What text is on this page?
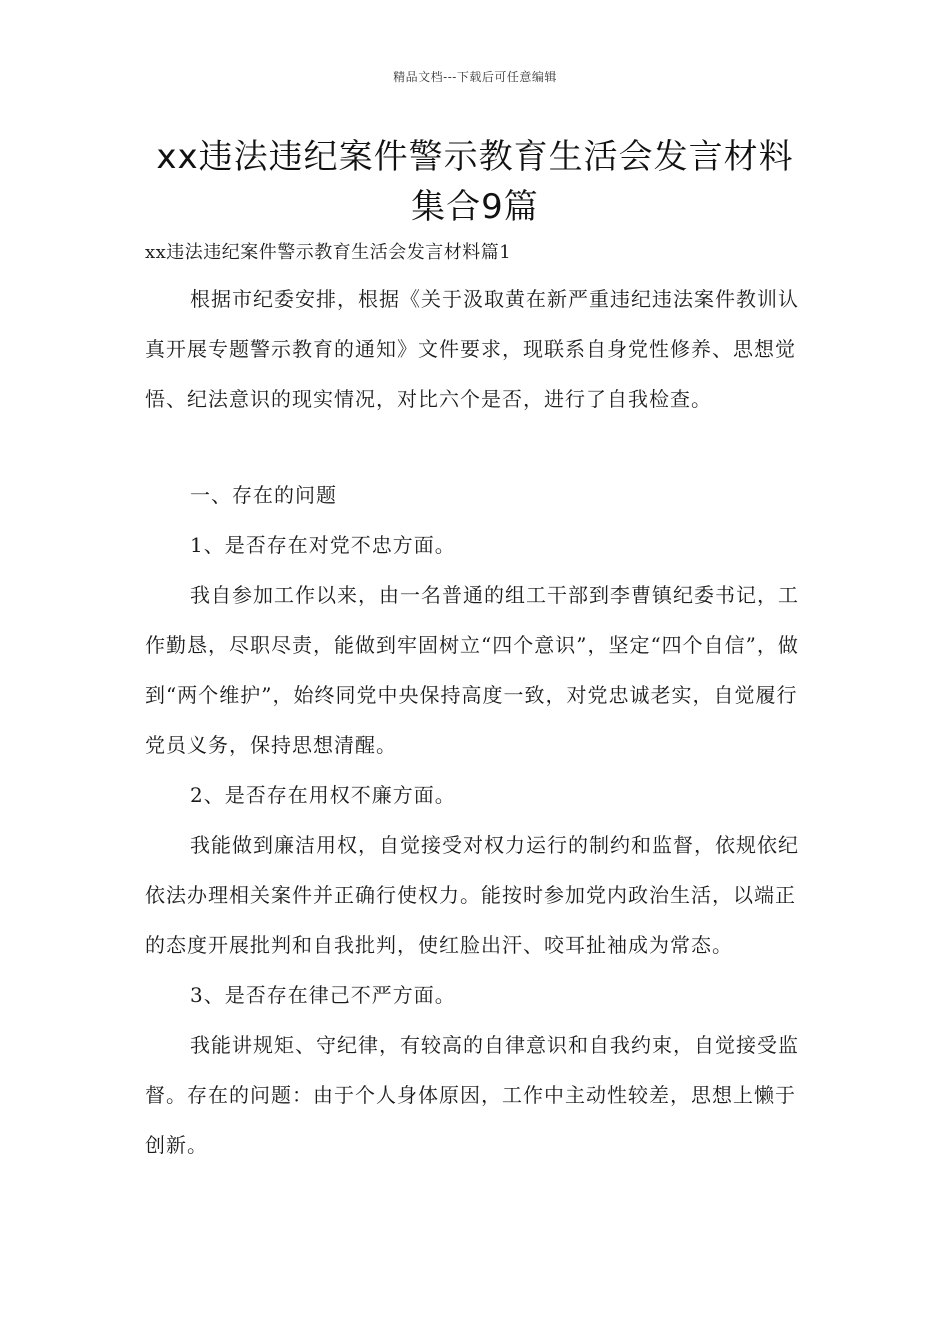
精品文档---下载后可任意编辑
xx违法违纪案件警示教育生活会发言材料集合9篇

xx违法违纪案件警示教育生活会发言材料篇1

根据市纪委安排，根据《关于汲取黄在新严重违纪违法案件教训认真开展专题警示教育的通知》文件要求，现联系自身党性修养、思想觉悟、纪法意识的现实情况，对比六个是否，进行了自我检查。

一、存在的问题

1、是否存在对党不忠方面。

我自参加工作以来，由一名普通的组工干部到李曹镇纪委书记，工作勤恳，尽职尽责，能做到牢固树立“四个意识”，坚定“四个自信”，做到“两个维护”，始终同党中央保持高度一致，对党忠诚老实，自觉履行党员义务，保持思想清醒。

2、是否存在用权不廉方面。

我能做到廉洁用权，自觉接受对权力运行的制约和监督，依规依纪依法办理相关案件并正确行使权力。能按时参加党内政治生活，以端正的态度开展批判和自我批判，使红脸出汗、咬耳扯袖成为常态。

3、是否存在律己不严方面。

我能讲规矩、守纪律，有较高的自律意识和自我约束，自觉接受监督。存在的问题：由于个人身体原因，工作中主动性较差，思想上懒于创新。
